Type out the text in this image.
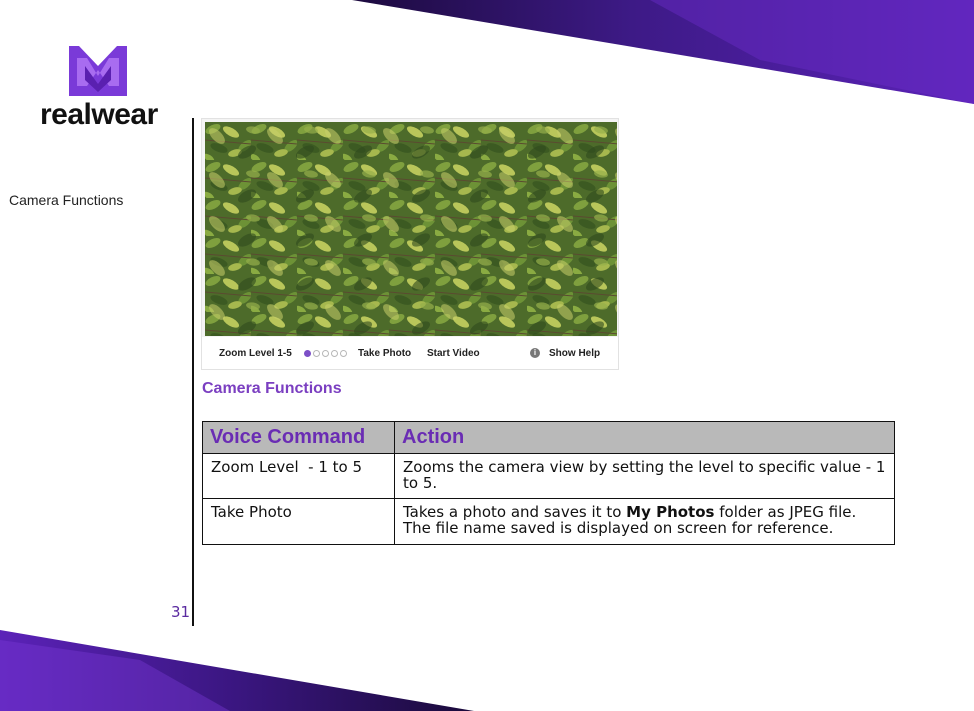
realwear
Camera Functions
31
Zoom Level 1-5	Take Photo Start Video	i	Show Help
Camera Functions
Voice Command	Action
Zoom Level  - 1 to 5	Zooms the camera view by setting the level to specific value - 1 to 5.
Take Photo	Takes a photo and saves it to My Photos folder as JPEG file. The file name saved is displayed on screen for reference.
